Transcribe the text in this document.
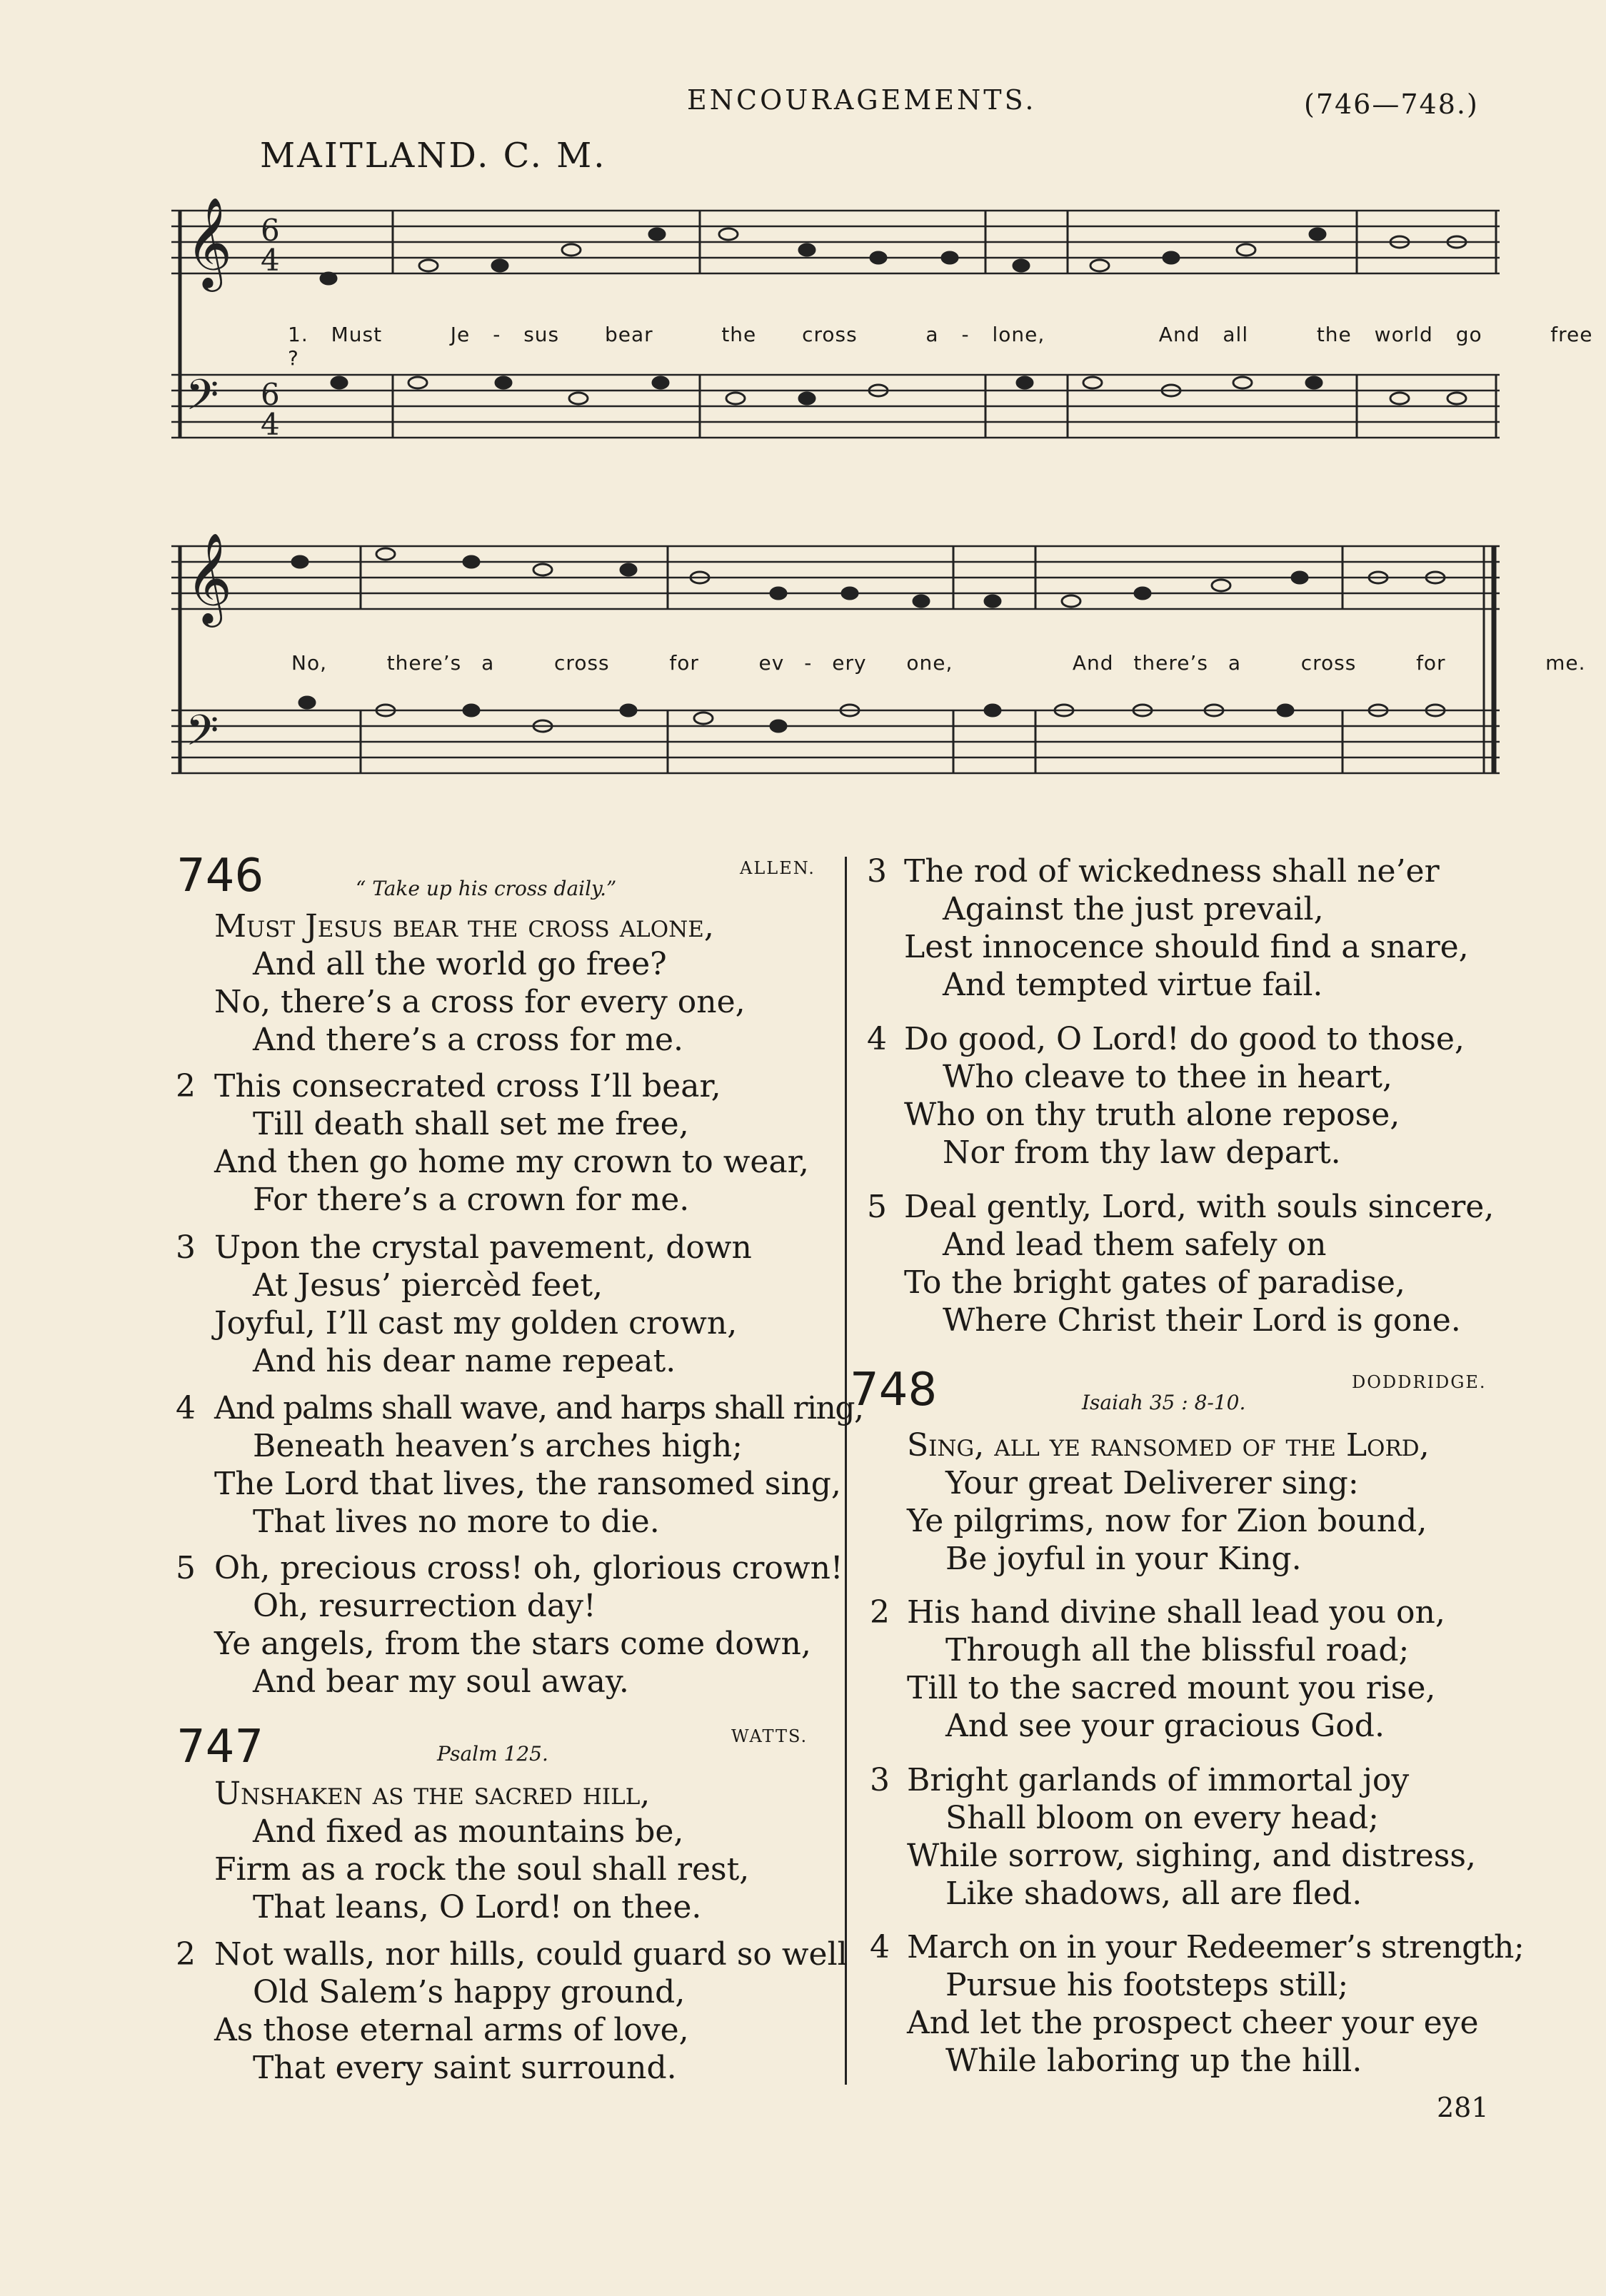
ENCOURAGEMENTS.	(746—748.)
MAITLAND. C. M.
𝄞
𝄢
6
4
6
4
1. Must	Je - sus bear	the cross	a - lone,	And all	the world go	free ?
𝄞
𝄢
No,	there’s a	cross	for	ev - ery one,	And there’s a	cross	for	me.
746	“ Take up his cross daily.”
ALLEN.
Must Jesus bear the cross alone,
And all the world go free?
No, there’s a cross for every one,
And there’s a cross for me.
2 This consecrated cross I’ll bear,
Till death shall set me free,
And then go home my crown to wear,
For there’s a crown for me.
3 Upon the crystal pavement, down
At Jesus’ piercèd feet,
Joyful, I’ll cast my golden crown,
And his dear name repeat.
4 And palms shall wave, and harps shall ring,
Beneath heaven’s arches high;
The Lord that lives, the ransomed sing,
That lives no more to die.
5 Oh, precious cross! oh, glorious crown!
Oh, resurrection day!
Ye angels, from the stars come down,
And bear my soul away.
747	Psalm 125.
WATTS.
Unshaken as the sacred hill,
And fixed as mountains be,
Firm as a rock the soul shall rest,
That leans, O Lord! on thee.
2 Not walls, nor hills, could guard so well
Old Salem’s happy ground,
As those eternal arms of love,
That every saint surround.
3 The rod of wickedness shall ne’er
Against the just prevail,
Lest innocence should find a snare,
And tempted virtue fail.
4 Do good, O Lord! do good to those,
Who cleave to thee in heart,
Who on thy truth alone repose,
Nor from thy law depart.
5 Deal gently, Lord, with souls sincere,
And lead them safely on
To the bright gates of paradise,
Where Christ their Lord is gone.
748	Isaiah 35 : 8-10.
DODDRIDGE.
Sing, all ye ransomed of the Lord,
Your great Deliverer sing:
Ye pilgrims, now for Zion bound,
Be joyful in your King.
2 His hand divine shall lead you on,
Through all the blissful road;
Till to the sacred mount you rise,
And see your gracious God.
3 Bright garlands of immortal joy
Shall bloom on every head;
While sorrow, sighing, and distress,
Like shadows, all are fled.
4 March on in your Redeemer’s strength;
Pursue his footsteps still;
And let the prospect cheer your eye
While laboring up the hill.
281
